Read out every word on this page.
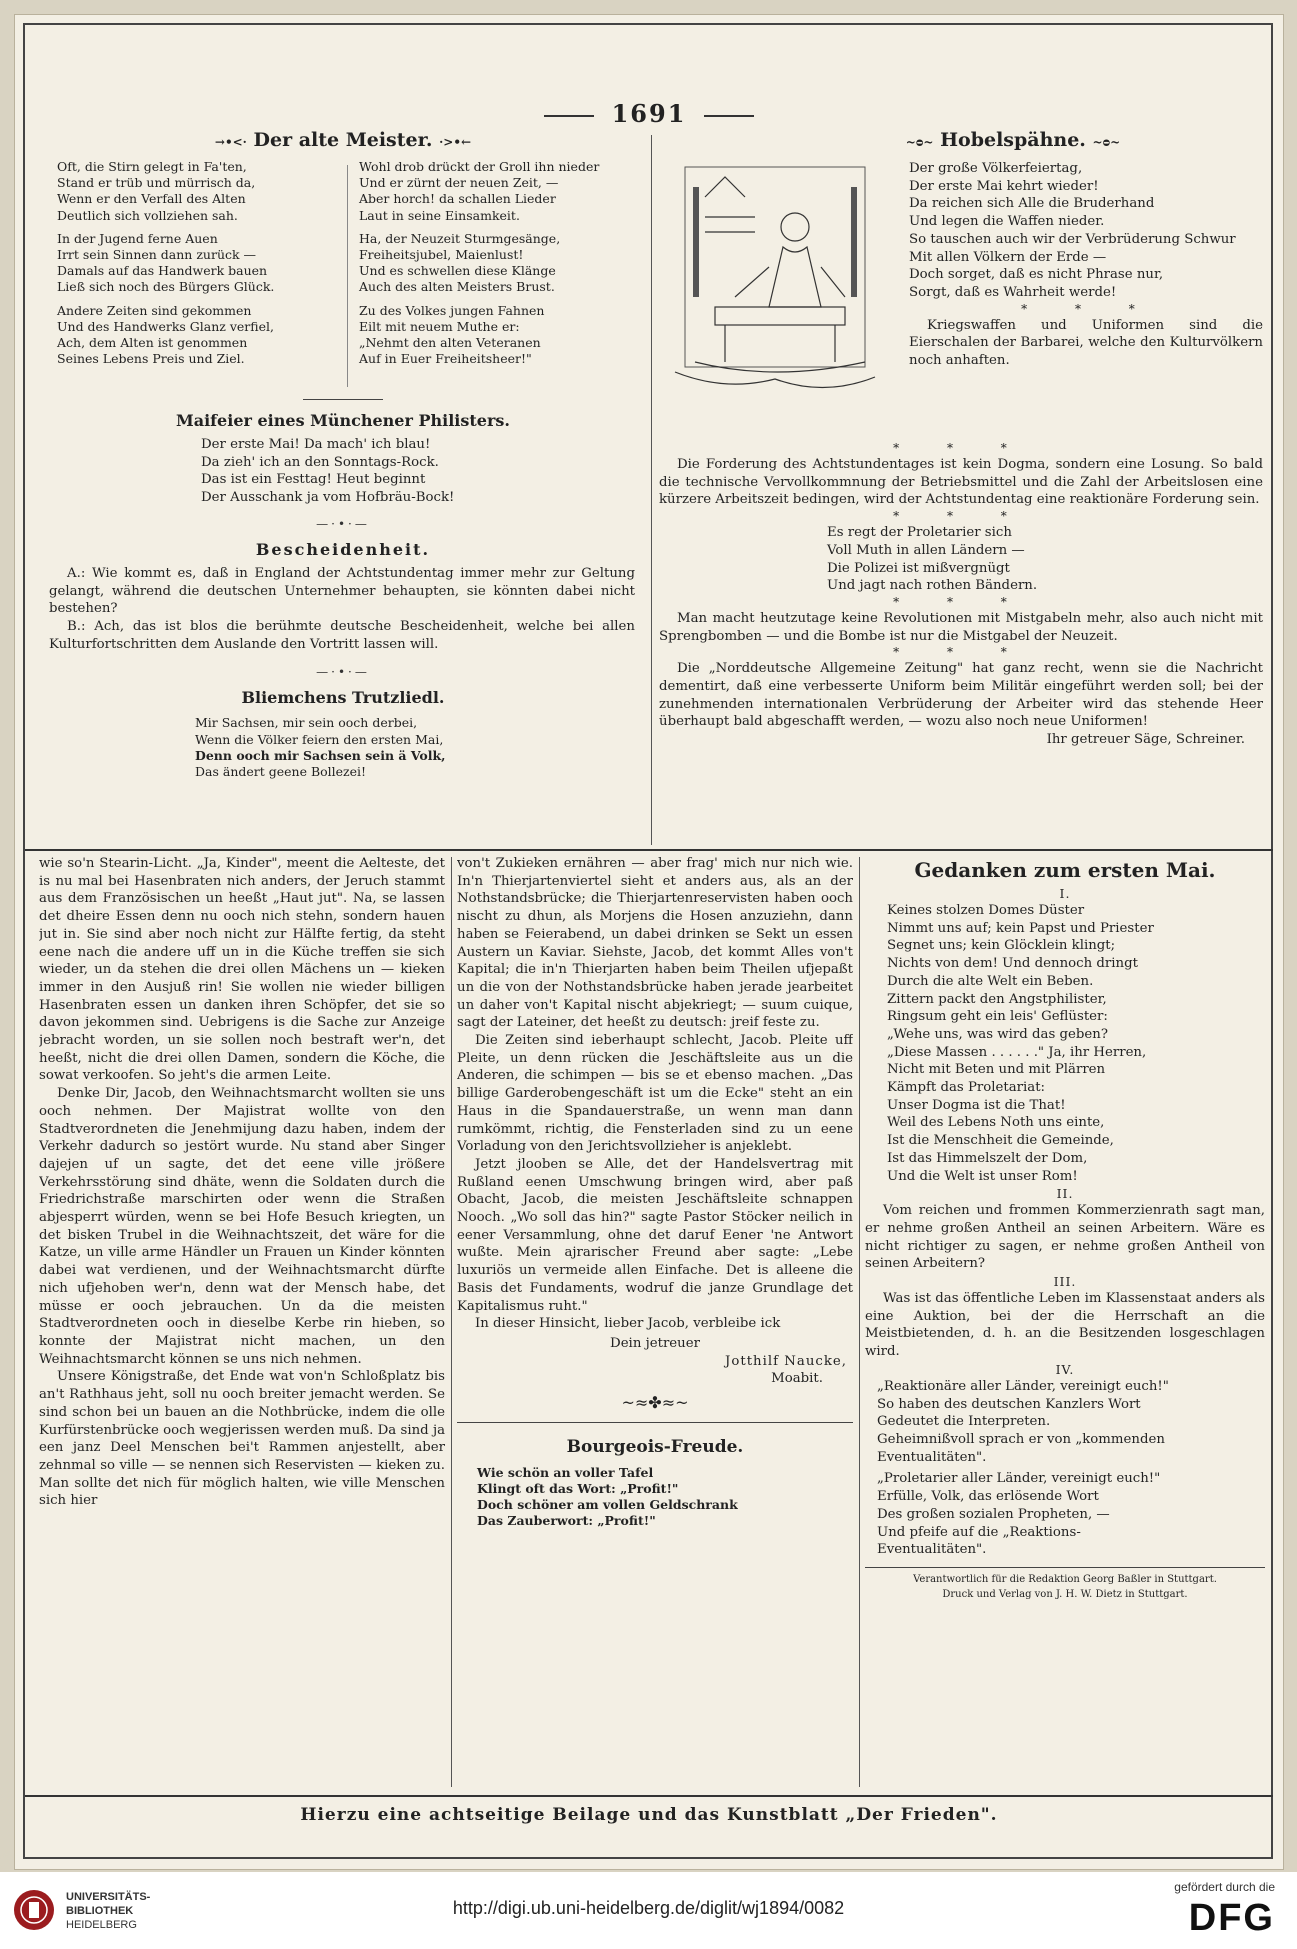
1691
→•<· Der alte Meister. ·>•←
Oft, die Stirn gelegt in Fa'ten,
Stand er trüb und mürrisch da,
Wenn er den Verfall des Alten
Deutlich sich vollziehen sah.
In der Jugend ferne Auen
Irrt sein Sinnen dann zurück —
Damals auf das Handwerk bauen
Ließ sich noch des Bürgers Glück.
Andere Zeiten sind gekommen
Und des Handwerks Glanz verfiel,
Ach, dem Alten ist genommen
Seines Lebens Preis und Ziel.
Wohl drob drückt der Groll ihn nieder
Und er zürnt der neuen Zeit, —
Aber horch! da schallen Lieder
Laut in seine Einsamkeit.
Ha, der Neuzeit Sturmgesänge,
Freiheitsjubel, Maienlust!
Und es schwellen diese Klänge
Auch des alten Meisters Brust.
Zu des Volkes jungen Fahnen
Eilt mit neuem Muthe er:
„Nehmt den alten Veteranen
Auf in Euer Freiheitsheer!"
Maifeier eines Münchener Philisters.
Der erste Mai! Da mach' ich blau!
Da zieh' ich an den Sonntags-Rock.
Das ist ein Festtag! Heut beginnt
Der Ausschank ja vom Hofbräu-Bock!
—·•·—
Bescheidenheit.

A.: Wie kommt es, daß in England der Achtstundentag immer mehr zur Geltung gelangt, während die deutschen Unternehmer behaupten, sie könnten dabei nicht bestehen?

B.: Ach, das ist blos die berühmte deutsche Bescheidenheit, welche bei allen Kulturfortschritten dem Auslande den Vortritt lassen will.

—·•·—
Bliemchens Trutzliedl.
Mir Sachsen, mir sein ooch derbei,
Wenn die Völker feiern den ersten Mai,
Denn ooch mir Sachsen sein ä Volk,
Das ändert geene Bollezei!
~ᴑ~ Hobelspähne. ~ᴑ~
Der große Völkerfeiertag,
Der erste Mai kehrt wieder!
Da reichen sich Alle die Bruderhand
Und legen die Waffen nieder.
So tauschen auch wir der Verbrüderung Schwur
Mit allen Völkern der Erde —
Doch sorget, daß es nicht Phrase nur,
Sorgt, daß es Wahrheit werde!
* * *

Kriegswaffen und Uniformen sind die Eierschalen der Barbarei, welche den Kulturvölkern noch anhaften.

* * *

Die Forderung des Achtstundentages ist kein Dogma, sondern eine Losung. So bald die technische Vervollkommnung der Betriebsmittel und die Zahl der Arbeitslosen eine kürzere Arbeitszeit bedingen, wird der Achtstundentag eine reaktionäre Forderung sein.

* * *
Es regt der Proletarier sich
Voll Muth in allen Ländern —
Die Polizei ist mißvergnügt
Und jagt nach rothen Bändern.
* * *

Man macht heutzutage keine Revolutionen mit Mistgabeln mehr, also auch nicht mit Sprengbomben — und die Bombe ist nur die Mistgabel der Neuzeit.

* * *

Die „Norddeutsche Allgemeine Zeitung" hat ganz recht, wenn sie die Nachricht dementirt, daß eine verbesserte Uniform beim Militär eingeführt werden soll; bei der zunehmenden internationalen Verbrüderung der Arbeiter wird das stehende Heer überhaupt bald abgeschafft werden, — wozu also noch neue Uniformen!

Ihr getreuer Säge, Schreiner.

wie so'n Stearin-Licht. „Ja, Kinder", meent die Aelteste, det is nu mal bei Hasenbraten nich anders, der Jeruch stammt aus dem Französischen un heeßt „Haut jut". Na, se lassen det dheire Essen denn nu ooch nich stehn, sondern hauen jut in. Sie sind aber noch nicht zur Hälfte fertig, da steht eene nach die andere uff un in die Küche treffen sie sich wieder, un da stehen die drei ollen Mächens un — kieken immer in den Ausjuß rin! Sie wollen nie wieder billigen Hasenbraten essen un danken ihren Schöpfer, det sie so davon jekommen sind. Uebrigens is die Sache zur Anzeige jebracht worden, un sie sollen noch bestraft wer'n, det heeßt, nicht die drei ollen Damen, sondern die Köche, die sowat verkoofen. So jeht's die armen Leite.

Denke Dir, Jacob, den Weihnachtsmarcht wollten sie uns ooch nehmen. Der Majistrat wollte von den Stadtverordneten die Jenehmijung dazu haben, indem der Verkehr dadurch so jestört wurde. Nu stand aber Singer dajejen uf un sagte, det det eene ville jrößere Verkehrsstörung sind dhäte, wenn die Soldaten durch die Friedrichstraße marschirten oder wenn die Straßen abjesperrt würden, wenn se bei Hofe Besuch kriegten, un det bisken Trubel in die Weihnachtszeit, det wäre for die Katze, un ville arme Händler un Frauen un Kinder könnten dabei wat verdienen, und der Weihnachtsmarcht dürfte nich ufjehoben wer'n, denn wat der Mensch habe, det müsse er ooch jebrauchen. Un da die meisten Stadtverordneten ooch in dieselbe Kerbe rin hieben, so konnte der Majistrat nicht machen, un den Weihnachtsmarcht können se uns nich nehmen.

Unsere Königstraße, det Ende wat von'n Schloßplatz bis an't Rathhaus jeht, soll nu ooch breiter jemacht werden. Se sind schon bei un bauen an die Nothbrücke, indem die olle Kurfürstenbrücke ooch wegjerissen werden muß. Da sind ja een janz Deel Menschen bei't Rammen anjestellt, aber zehnmal so ville — se nennen sich Reservisten — kieken zu. Man sollte det nich für möglich halten, wie ville Menschen sich hier

von't Zukieken ernähren — aber frag' mich nur nich wie. In'n Thierjartenviertel sieht et anders aus, als an der Nothstandsbrücke; die Thierjartenreservisten haben ooch nischt zu dhun, als Morjens die Hosen anzuziehn, dann haben se Feierabend, un dabei drinken se Sekt un essen Austern un Kaviar. Siehste, Jacob, det kommt Alles von't Kapital; die in'n Thierjarten haben beim Theilen ufjepaßt un die von der Nothstandsbrücke haben jerade jearbeitet un daher von't Kapital nischt abjekriegt; — suum cuique, sagt der Lateiner, det heeßt zu deutsch: jreif feste zu.

Die Zeiten sind ieberhaupt schlecht, Jacob. Pleite uff Pleite, un denn rücken die Jeschäftsleite aus un die Anderen, die schimpen — bis se et ebenso machen. „Das billige Garderobengeschäft ist um die Ecke" steht an ein Haus in die Spandauerstraße, un wenn man dann rumkömmt, richtig, die Fensterladen sind zu un eene Vorladung von den Jerichtsvollzieher is anjeklebt.

Jetzt jlooben se Alle, det der Handelsvertrag mit Rußland eenen Umschwung bringen wird, aber paß Obacht, Jacob, die meisten Jeschäftsleite schnappen Nooch. „Wo soll das hin?" sagte Pastor Stöcker neilich in eener Versammlung, ohne det daruf Eener 'ne Antwort wußte. Mein ajrarischer Freund aber sagte: „Lebe luxuriös un vermeide allen Einfache. Det is alleene die Basis det Fundaments, wodruf die janze Grundlage det Kapitalismus ruht."

In dieser Hinsicht, lieber Jacob, verbleibe ick

Dein jetreuer

Jotthilf Naucke,

Moabit.

~≈✤≈~
Bourgeois-Freude.
Wie schön an voller Tafel
Klingt oft das Wort: „Profit!"
Doch schöner am vollen Geldschrank
Das Zauberwort: „Profit!"
Gedanken zum ersten Mai.
I.
Keines stolzen Domes Düster
Nimmt uns auf; kein Papst und Priester
Segnet uns; kein Glöcklein klingt;
Nichts von dem! Und dennoch dringt
Durch die alte Welt ein Beben.
Zittern packt den Angstphilister,
Ringsum geht ein leis' Geflüster:
„Wehe uns, was wird das geben?
„Diese Massen . . . . . ." Ja, ihr Herren,
Nicht mit Beten und mit Plärren
Kämpft das Proletariat:
Unser Dogma ist die That!
Weil des Lebens Noth uns einte,
Ist die Menschheit die Gemeinde,
Ist das Himmelszelt der Dom,
Und die Welt ist unser Rom!
II.

Vom reichen und frommen Kommerzienrath sagt man, er nehme großen Antheil an seinen Arbeitern. Wäre es nicht richtiger zu sagen, er nehme großen Antheil von seinen Arbeitern?

III.

Was ist das öffentliche Leben im Klassenstaat anders als eine Auktion, bei der die Herrschaft an die Meistbietenden, d. h. an die Besitzenden losgeschlagen wird.

IV.
„Reaktionäre aller Länder, vereinigt euch!"
So haben des deutschen Kanzlers Wort
Gedeutet die Interpreten.
Geheimnißvoll sprach er von „kommenden
Eventualitäten".
„Proletarier aller Länder, vereinigt euch!"
Erfülle, Volk, das erlösende Wort
Des großen sozialen Propheten, —
Und pfeife auf die „Reaktions-
Eventualitäten".
Verantwortlich für die Redaktion Georg Baßler in Stuttgart.
Druck und Verlag von J. H. W. Dietz in Stuttgart.
Hierzu eine achtseitige Beilage und das Kunstblatt „Der Frieden".
UNIVERSITÄTS-
BIBLIOTHEK
HEIDELBERG
http://digi.ub.uni-heidelberg.de/diglit/wj1894/0082
gefördert durch die
DFG
